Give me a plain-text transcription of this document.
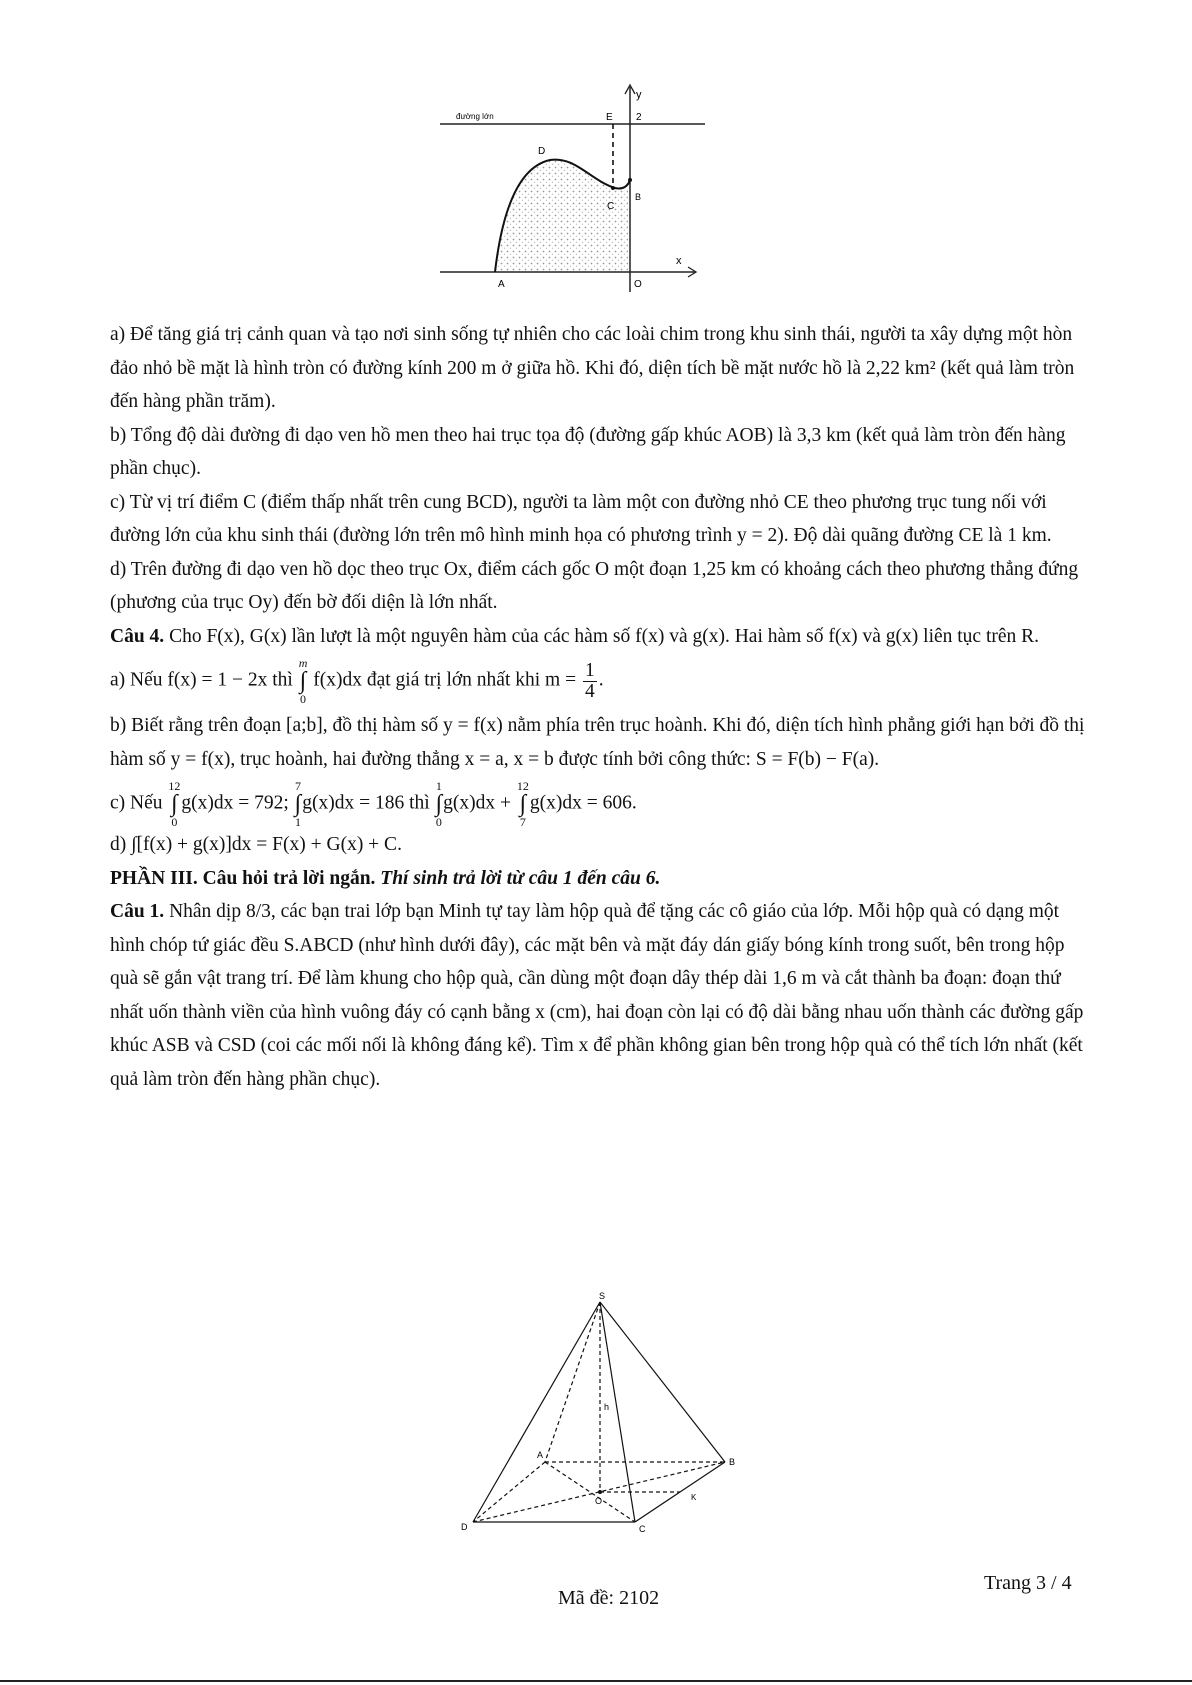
đường lớn
y
x
2
E
D
C
B
A	O

a) Để tăng giá trị cảnh quan và tạo nơi sinh sống tự nhiên cho các loài chim trong khu sinh thái, người ta xây dựng một hòn đảo nhỏ bề mặt là hình tròn có đường kính 200 m ở giữa hồ. Khi đó, diện tích bề mặt nước hồ là 2,22 km² (kết quả làm tròn đến hàng phần trăm).

b) Tổng độ dài đường đi dạo ven hồ men theo hai trục tọa độ (đường gấp khúc AOB) là 3,3 km (kết quả làm tròn đến hàng phần chục).

c) Từ vị trí điểm C (điểm thấp nhất trên cung BCD), người ta làm một con đường nhỏ CE theo phương trục tung nối với đường lớn của khu sinh thái (đường lớn trên mô hình minh họa có phương trình y = 2). Độ dài quãng đường CE là 1 km.

d) Trên đường đi dạo ven hồ dọc theo trục Ox, điểm cách gốc O một đoạn 1,25 km có khoảng cách theo phương thẳng đứng (phương của trục Oy) đến bờ đối diện là lớn nhất.

Câu 4. Cho F(x), G(x) lần lượt là một nguyên hàm của các hàm số f(x) và g(x). Hai hàm số f(x) và g(x) liên tục trên R.

a) Nếu f(x) = 1 − 2x thì m
∫
0 f(x)dx đạt giá trị lớn nhất khi $m = \frac{1}{4}$ .

b) Biết rằng trên đoạn [a;b], đồ thị hàm số y = f(x) nằm phía trên trục hoành. Khi đó, diện tích hình phẳng giới hạn bởi đồ thị hàm số y = f(x), trục hoành, hai đường thẳng x = a, x = b được tính bởi công thức: S = F(b) − F(a).

c) Nếu 12
∫
0g(x)dx = 792; 7
∫
1g(x)dx = 186 thì 1
∫
0g(x)dx + 12
∫
7g(x)dx = 606.

d) ∫[f(x) + g(x)]dx = F(x) + G(x) + C.

PHẦN III. Câu hỏi trả lời ngắn. Thí sinh trả lời từ câu 1 đến câu 6.

Câu 1. Nhân dịp 8/3, các bạn trai lớp bạn Minh tự tay làm hộp quà để tặng các cô giáo của lớp. Mỗi hộp quà có dạng một hình chóp tứ giác đều S.ABCD (như hình dưới đây), các mặt bên và mặt đáy dán giấy bóng kính trong suốt, bên trong hộp quà sẽ gắn vật trang trí. Để làm khung cho hộp quà, cần dùng một đoạn dây thép dài 1,6 m và cắt thành ba đoạn: đoạn thứ nhất uốn thành viền của hình vuông đáy có cạnh bằng x (cm), hai đoạn còn lại có độ dài bằng nhau uốn thành các đường gấp khúc ASB và CSD (coi các mối nối là không đáng kể). Tìm x để phần không gian bên trong hộp quà có thể tích lớn nhất (kết quả làm tròn đến hàng phần chục).

S
A
B
C
D
O
h
K
Mã đề: 2102
Trang 3 / 4
